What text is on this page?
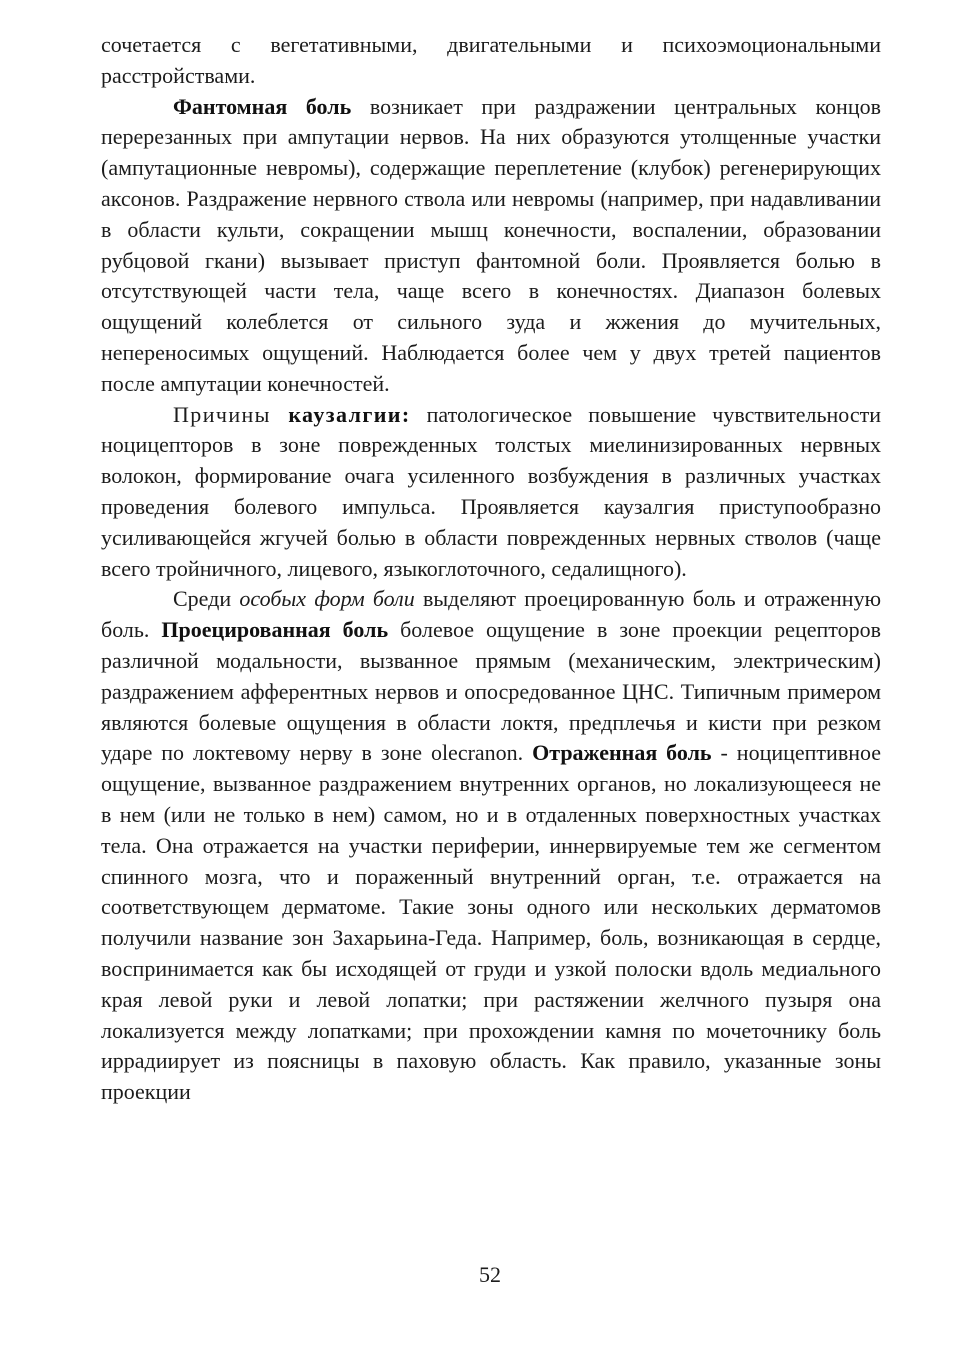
сочетается с вегетативными, двигательными и психоэмоциональными расстройствами.

Фантомная боль возникает при раздражении центральных концов перерезанных при ампутации нервов. На них образуются утолщенные участки (ампутационные невромы), содержащие переплетение (клубок) регенерирующих аксонов. Раздражение нервного ствола или невромы (например, при надавливании в области культи, сокращении мышц конечности, воспалении, образовании рубцовой гкани) вызывает приступ фантомной боли. Проявляется болью в отсутствующей части тела, чаще всего в конечностях. Диапазон болевых ощущений колеблется от сильного зуда и жжения до мучительных, непереносимых ощущений. Наблюдается более чем у двух третей пациентов после ампутации конечностей.

Причины каузалгии: патологическое повышение чувствительности ноцицепторов в зоне поврежденных толстых миелинизированных нервных волокон, формирование очага усиленного возбуждения в различных участках проведения болевого импульса. Проявляется каузалгия приступообразно усиливающейся жгучей болью в области поврежденных нервных стволов (чаще всего тройничного, лицевого, языкоглоточного, седалищного).

Среди особых форм боли выделяют проецированную боль и отраженную боль. Проецированная боль болевое ощущение в зоне проекции рецепторов различной модальности, вызванное прямым (механическим, электрическим) раздражением афферентных нервов и опосредованное ЦНС. Типичным примером являются болевые ощущения в области локтя, предплечья и кисти при резком ударе по локтевому нерву в зоне olecranon. Отраженная боль - ноцицептивное ощущение, вызванное раздражением внутренних органов, но локализующееся не в нем (или не только в нем) самом, но и в отдаленных поверхностных участках тела. Она отражается на участки периферии, иннервируемые тем же сегментом спинного мозга, что и пораженный внутренний орган, т.е. отражается на соответствующем дерматоме. Такие зоны одного или нескольких дерматомов получили название зон Захарьина-Геда. Например, боль, возникающая в сердце, воспринимается как бы исходящей от груди и узкой полоски вдоль медиального края левой руки и левой лопатки; при растяжении желчного пузыря она локализуется между лопатками; при прохождении камня по мочеточнику боль иррадиирует из поясницы в паховую область. Как правило, указанные зоны проекции

52
